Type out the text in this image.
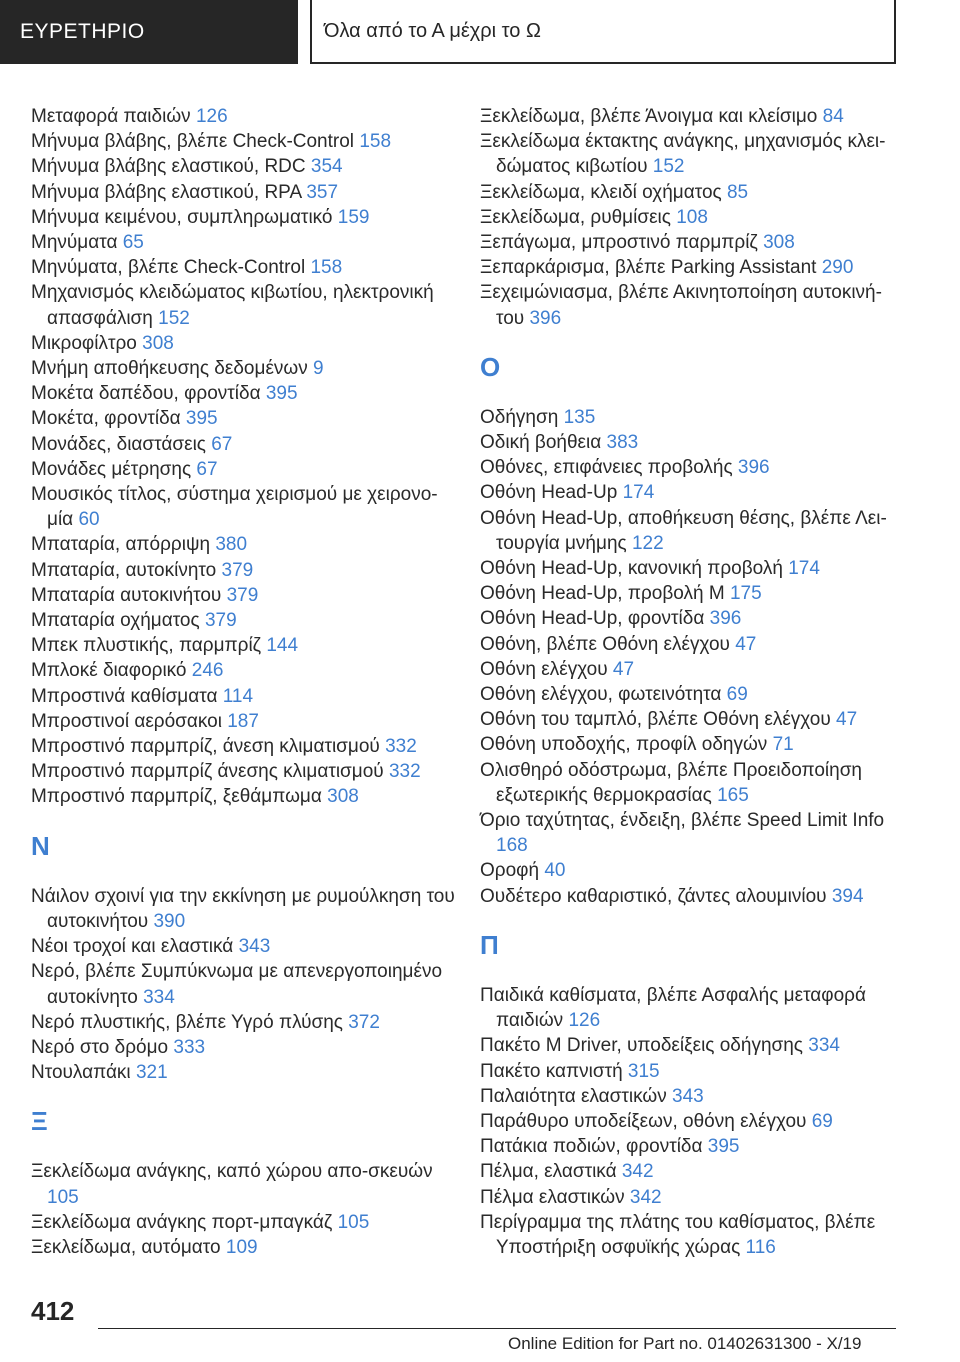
ΕΥΡΕΤΗΡΙΟ	Όλα από το Α μέχρι το Ω

Μεταφορά παιδιών 126

Μήνυμα βλάβης, βλέπε Check-Control 158

Μήνυμα βλάβης ελαστικού, RDC 354

Μήνυμα βλάβης ελαστικού, RPA 357

Μήνυμα κειμένου, συμπληρωματικό 159

Μηνύματα 65

Μηνύματα, βλέπε Check-Control 158

Μηχανισμός κλειδώματος κιβωτίου, ηλεκτρονική απασφάλιση 152

Μικροφίλτρο 308

Μνήμη αποθήκευσης δεδομένων 9

Μοκέτα δαπέδου, φροντίδα 395

Μοκέτα, φροντίδα 395

Μονάδες, διαστάσεις 67

Μονάδες μέτρησης 67

Μουσικός τίτλος, σύστημα χειρισμού με χειρονο-μία 60

Μπαταρία, απόρριψη 380

Μπαταρία, αυτοκίνητο 379

Μπαταρία αυτοκινήτου 379

Μπαταρία οχήματος 379

Μπεκ πλυστικής, παρμπρίζ 144

Μπλοκέ διαφορικό 246

Μπροστινά καθίσματα 114

Μπροστινοί αερόσακοι 187

Μπροστινό παρμπρίζ, άνεση κλιματισμού 332

Μπροστινό παρμπρίζ άνεσης κλιματισμού 332

Μπροστινό παρμπρίζ, ξεθάμπωμα 308

Ν

Νάιλον σχοινί για την εκκίνηση με ρυμούλκηση του αυτοκινήτου 390

Νέοι τροχοί και ελαστικά 343

Νερό, βλέπε Συμπύκνωμα με απενεργοποιημένο αυτοκίνητο 334

Νερό πλυστικής, βλέπε Υγρό πλύσης 372

Νερό στο δρόμο 333

Ντουλαπάκι 321

Ξ

Ξεκλείδωμα ανάγκης, καπό χώρου απο-σκευών 105

Ξεκλείδωμα ανάγκης πορτ-μπαγκάζ 105

Ξεκλείδωμα, αυτόματο 109

Ξεκλείδωμα, βλέπε Άνοιγμα και κλείσιμο 84

Ξεκλείδωμα έκτακτης ανάγκης, μηχανισμός κλει-δώματος κιβωτίου 152

Ξεκλείδωμα, κλειδί οχήματος 85

Ξεκλείδωμα, ρυθμίσεις 108

Ξεπάγωμα, μπροστινό παρμπρίζ 308

Ξεπαρκάρισμα, βλέπε Parking Assistant 290

Ξεχειμώνιασμα, βλέπε Ακινητοποίηση αυτοκινή-του 396

Ο

Οδήγηση 135

Οδική βοήθεια 383

Οθόνες, επιφάνειες προβολής 396

Οθόνη Head-Up 174

Οθόνη Head-Up, αποθήκευση θέσης, βλέπε Λει-τουργία μνήμης 122

Οθόνη Head-Up, κανονική προβολή 174

Οθόνη Head-Up, προβολή M 175

Οθόνη Head-Up, φροντίδα 396

Οθόνη, βλέπε Οθόνη ελέγχου 47

Οθόνη ελέγχου 47

Οθόνη ελέγχου, φωτεινότητα 69

Οθόνη του ταμπλό, βλέπε Οθόνη ελέγχου 47

Οθόνη υποδοχής, προφίλ οδηγών 71

Ολισθηρό οδόστρωμα, βλέπε Προειδοποίηση εξωτερικής θερμοκρασίας 165

Όριο ταχύτητας, ένδειξη, βλέπε Speed Limit Info 168

Οροφή 40

Ουδέτερο καθαριστικό, ζάντες αλουμινίου 394

Π

Παιδικά καθίσματα, βλέπε Ασφαλής μεταφορά παιδιών 126

Πακέτο M Driver, υποδείξεις οδήγησης 334

Πακέτο καπνιστή 315

Παλαιότητα ελαστικών 343

Παράθυρο υποδείξεων, οθόνη ελέγχου 69

Πατάκια ποδιών, φροντίδα 395

Πέλμα, ελαστικά 342

Πέλμα ελαστικών 342

Περίγραμμα της πλάτης του καθίσματος, βλέπε Υποστήριξη οσφυϊκής χώρας 116

412
Online Edition for Part no. 01402631300 - X/19
